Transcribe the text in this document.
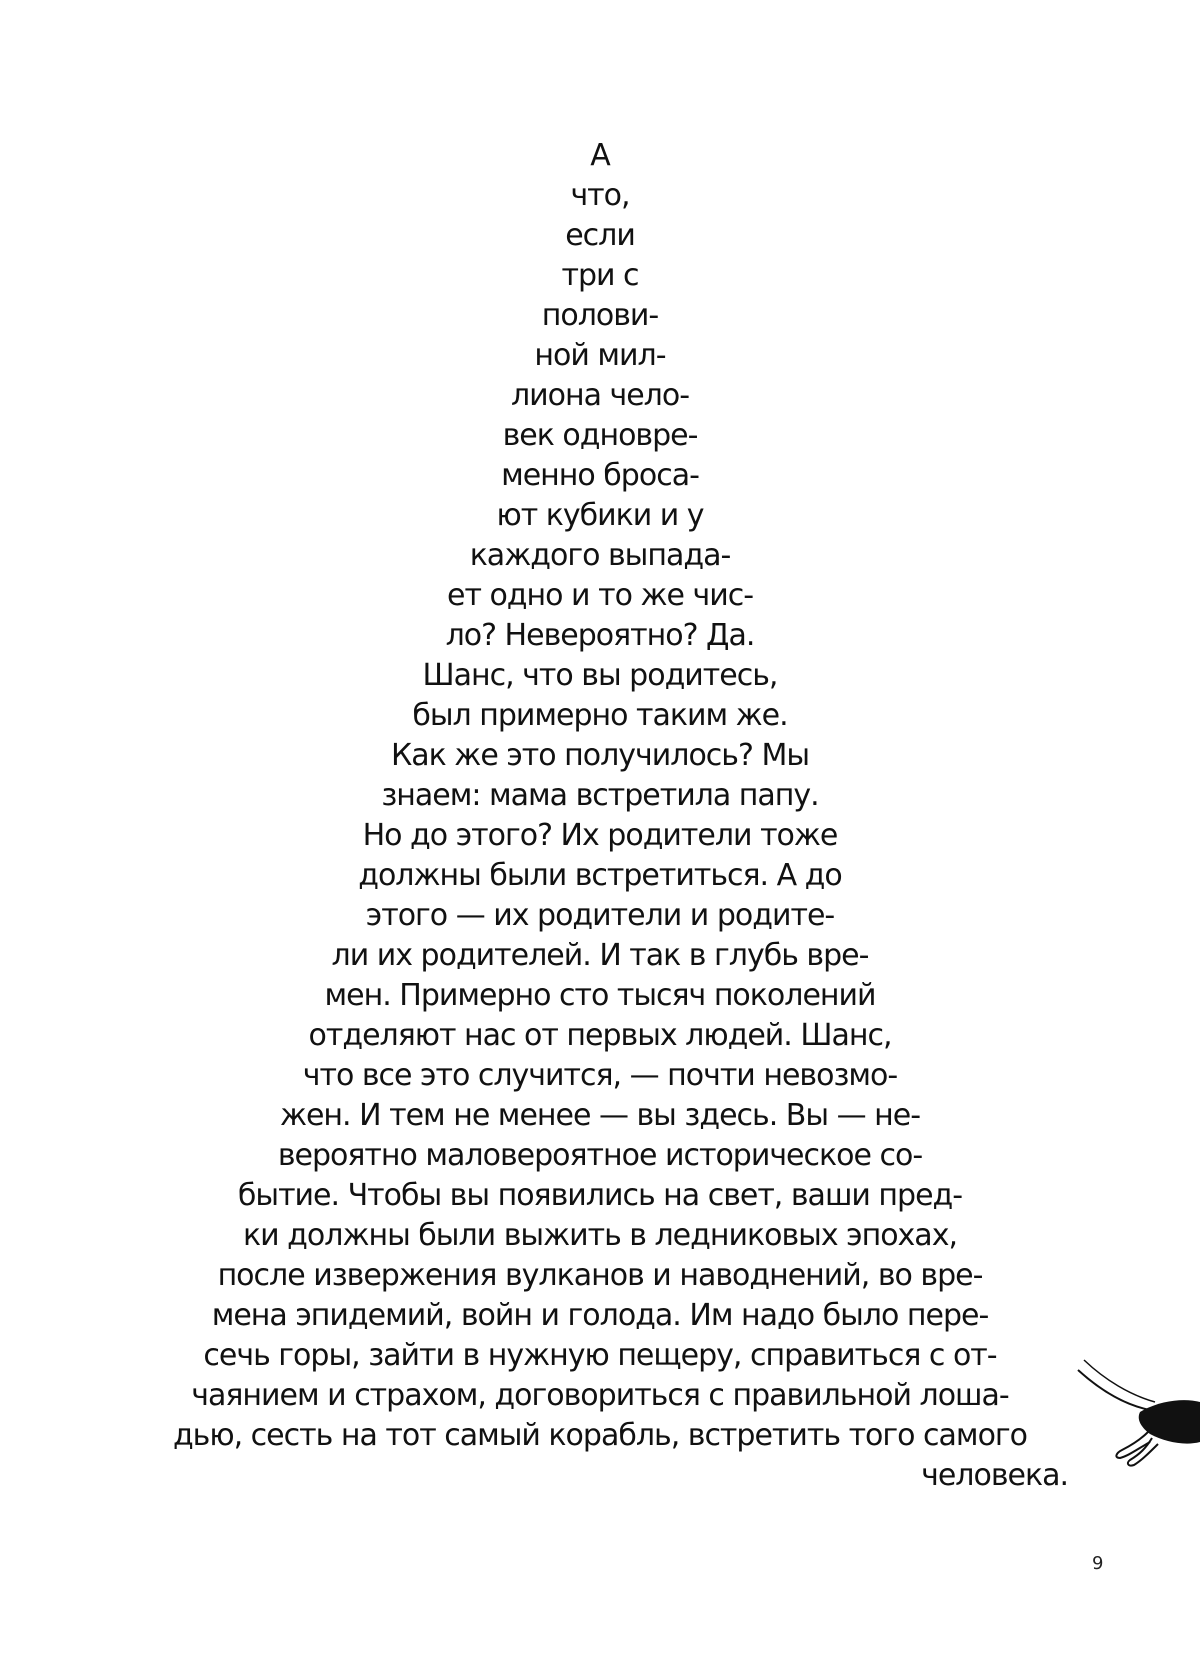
А
что,
если
три с
полови-
ной мил-
лиона чело-
век одновре-
менно броса-
ют кубики и у
каждого выпада-
ет одно и то же чис-
ло? Невероятно? Да.
Шанс, что вы родитесь,
был примерно таким же.
Как же это получилось? Мы
знаем: мама встретила папу.
Но до этого? Их родители тоже
должны были встретиться. А до
этого — их родители и родите-
ли их родителей. И так в глубь вре-
мен. Примерно сто тысяч поколений
отделяют нас от первых людей. Шанс,
что все это случится, — почти невозмо-
жен. И тем не менее — вы здесь. Вы — не-
вероятно маловероятное историческое со-
бытие. Чтобы вы появились на свет, ваши пред-
ки должны были выжить в ледниковых эпохах,
после извержения вулканов и наводнений, во вре-
мена эпидемий, войн и голода. Им надо было пере-
сечь горы, зайти в нужную пещеру, справиться с от-
чаянием и страхом, договориться с правильной лоша-
дью, сесть на тот самый корабль, встретить того самого
человека.
9
